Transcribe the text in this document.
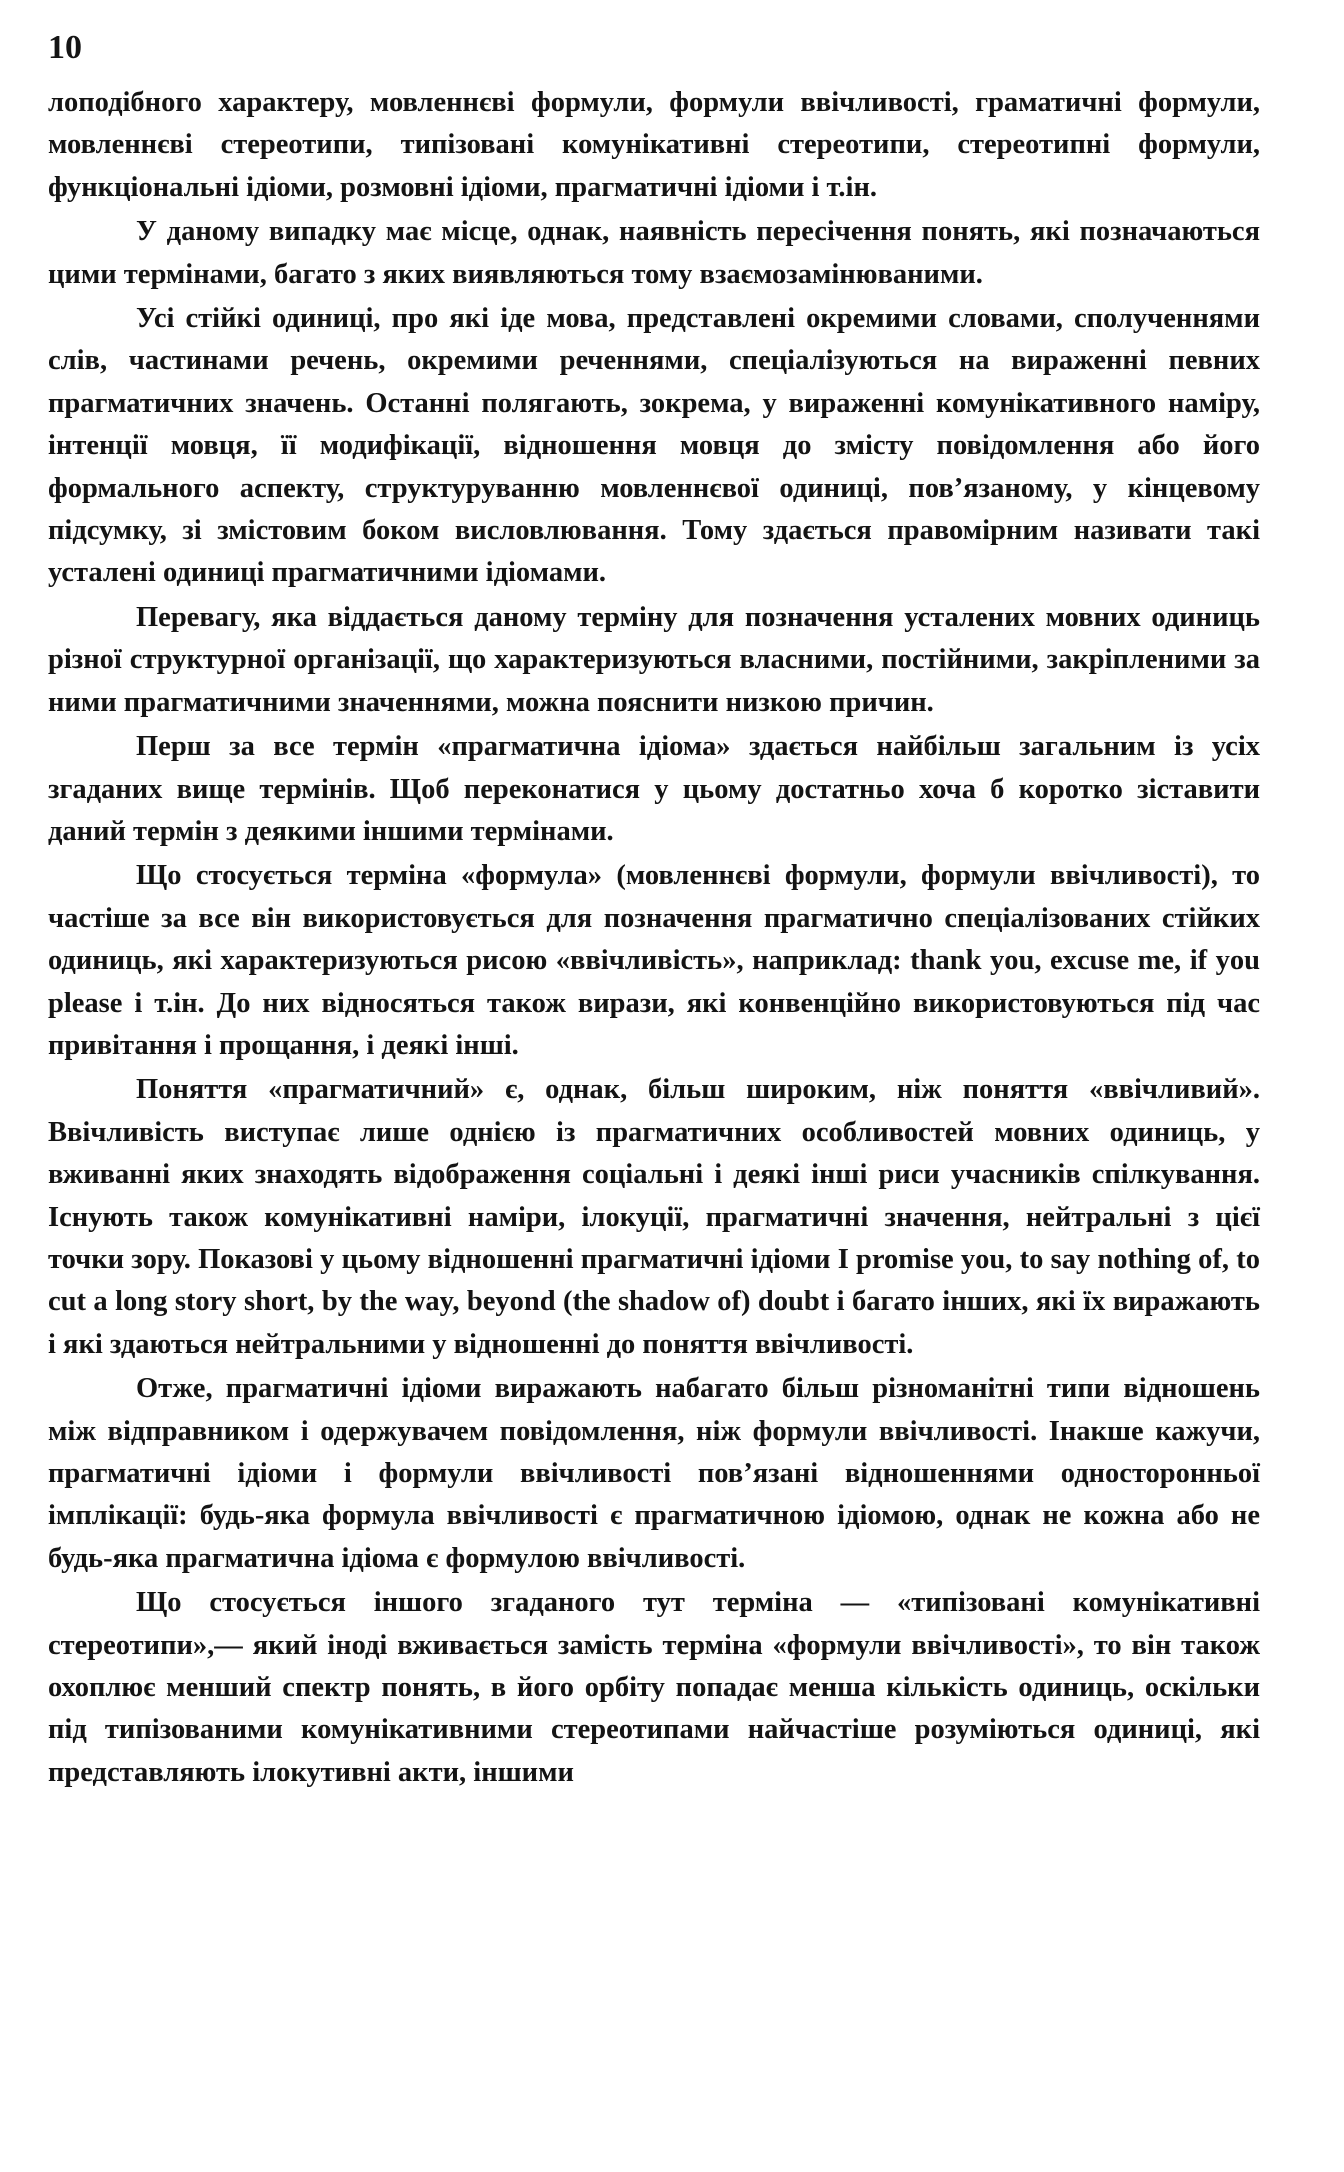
10

лоподібного характеру, мовленнєві формули, формули ввічливості, граматичні формули, мовленнєві стереотипи, типізовані комунікативні стереотипи, стереотипні формули, функціональні ідіоми, розмовні ідіоми, прагматичні ідіоми і т.ін.

У даному випадку має місце, однак, наявність пересічення понять, які позначаються цими термінами, багато з яких виявляються тому взаємозамінюваними.

Усі стійкі одиниці, про які іде мова, представлені окремими словами, сполученнями слів, частинами речень, окремими реченнями, спеціалізуються на вираженні певних прагматичних значень. Останні полягають, зокрема, у вираженні комунікативного наміру, інтенції мовця, її модифікації, відношення мовця до змісту повідомлення або його формального аспекту, структуруванню мовленнєвої одиниці, пов’язаному, у кінцевому підсумку, зі змістовим боком висловлювання. Тому здається правомірним називати такі усталені одиниці прагматичними ідіомами.

Перевагу, яка віддається даному терміну для позначення усталених мовних одиниць різної структурної організації, що характеризуються власними, постійними, закріпленими за ними прагматичними значеннями, можна пояснити низкою причин.

Перш за все термін «прагматична ідіома» здається найбільш загальним із усіх згаданих вище термінів. Щоб переконатися у цьому достатньо хоча б коротко зіставити даний термін з деякими іншими термінами.

Що стосується терміна «формула» (мовленнєві формули, формули ввічливості), то частіше за все він використовується для позначення прагматично спеціалізованих стійких одиниць, які характеризуються рисою «ввічливість», наприклад: thank you, excuse me, if you please і т.ін. До них відносяться також вирази, які конвенційно використовуються під час привітання і прощання, і деякі інші.

Поняття «прагматичний» є, однак, більш широким, ніж поняття «ввічливий». Ввічливість виступає лише однією із прагматичних особливостей мовних одиниць, у вживанні яких знаходять відображення соціальні і деякі інші риси учасників спілкування. Існують також комунікативні наміри, ілокуції, прагматичні значення, нейтральні з цієї точки зору. Показові у цьому відношенні прагматичні ідіоми I promise you, to say nothing of, to cut a long story short, by the way, beyond (the shadow of) doubt і багато інших, які їх виражають і які здаються нейтральними у відношенні до поняття ввічливості.

Отже, прагматичні ідіоми виражають набагато більш різноманітні типи відношень між відправником і одержувачем повідомлення, ніж формули ввічливості. Інакше кажучи, прагматичні ідіоми і формули ввічливості пов’язані відношеннями односторонньої імплікації: будь-яка формула ввічливості є прагматичною ідіомою, однак не кожна або не будь-яка прагматична ідіома є формулою ввічливості.

Що стосується іншого згаданого тут терміна — «типізовані комунікативні стереотипи»,— який іноді вживається замість терміна «формули ввічливості», то він також охоплює менший спектр понять, в його орбіту попадає менша кількість одиниць, оскільки під типізованими комунікативними стереотипами найчастіше розуміються одиниці, які представляють ілокутивні акти, іншими
